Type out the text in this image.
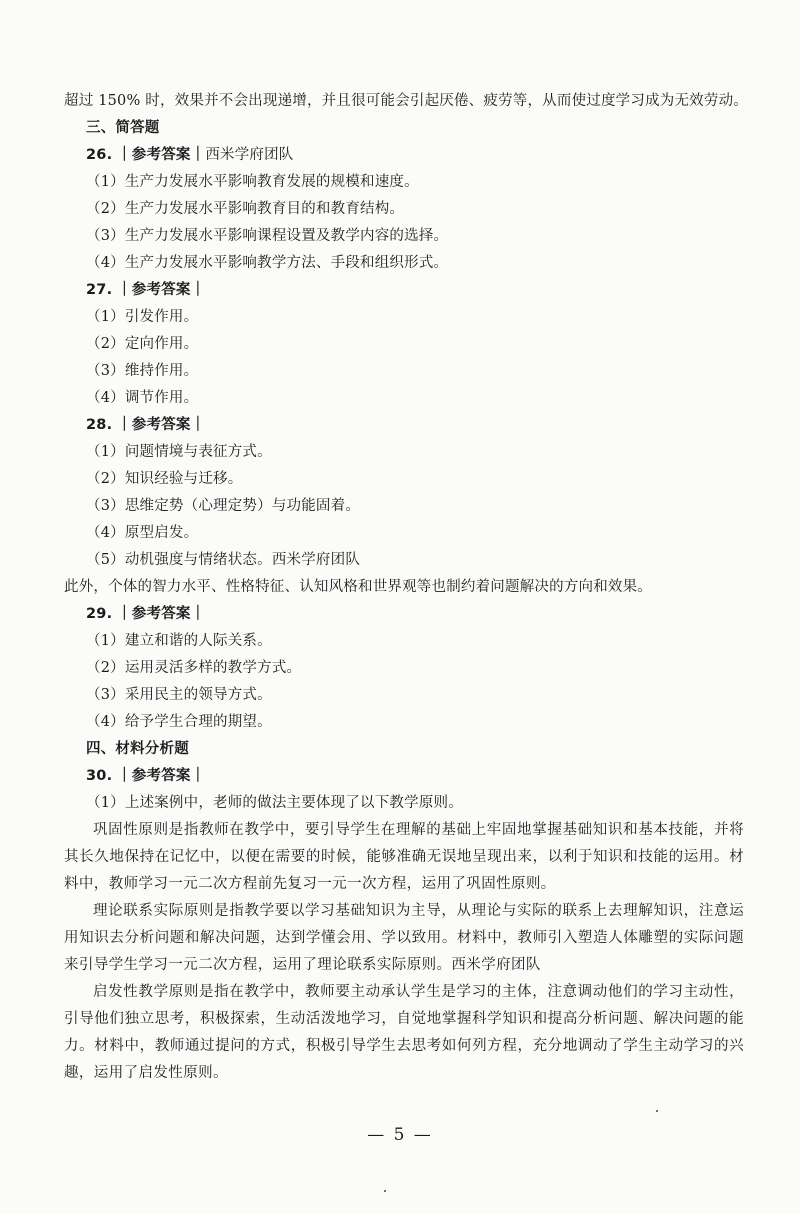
超过 150% 时，效果并不会出现递增，并且很可能会引起厌倦、疲劳等，从而使过度学习成为无效劳动。
三、简答题
26. ｜参考答案｜西米学府团队
（1）生产力发展水平影响教育发展的规模和速度。
（2）生产力发展水平影响教育目的和教育结构。
（3）生产力发展水平影响课程设置及教学内容的选择。
（4）生产力发展水平影响教学方法、手段和组织形式。
27. ｜参考答案｜
（1）引发作用。
（2）定向作用。
（3）维持作用。
（4）调节作用。
28. ｜参考答案｜
（1）问题情境与表征方式。
（2）知识经验与迁移。
（3）思维定势（心理定势）与功能固着。
（4）原型启发。
（5）动机强度与情绪状态。西米学府团队
此外，个体的智力水平、性格特征、认知风格和世界观等也制约着问题解决的方向和效果。
29. ｜参考答案｜
（1）建立和谐的人际关系。
（2）运用灵活多样的教学方式。
（3）采用民主的领导方式。
（4）给予学生合理的期望。
四、材料分析题
30. ｜参考答案｜
（1）上述案例中，老师的做法主要体现了以下教学原则。
巩固性原则是指教师在教学中，要引导学生在理解的基础上牢固地掌握基础知识和基本技能，并将其长久地保持在记忆中，以便在需要的时候，能够准确无误地呈现出来，以利于知识和技能的运用。材料中，教师学习一元二次方程前先复习一元一次方程，运用了巩固性原则。
理论联系实际原则是指教学要以学习基础知识为主导，从理论与实际的联系上去理解知识，注意运用知识去分析问题和解决问题，达到学懂会用、学以致用。材料中，教师引入塑造人体雕塑的实际问题来引导学生学习一元二次方程，运用了理论联系实际原则。西米学府团队
启发性教学原则是指在教学中，教师要主动承认学生是学习的主体，注意调动他们的学习主动性，引导他们独立思考，积极探索，生动活泼地学习，自觉地掌握科学知识和提高分析问题、解决问题的能力。材料中，教师通过提问的方式，积极引导学生去思考如何列方程，充分地调动了学生主动学习的兴趣，运用了启发性原则。
— 5 —
